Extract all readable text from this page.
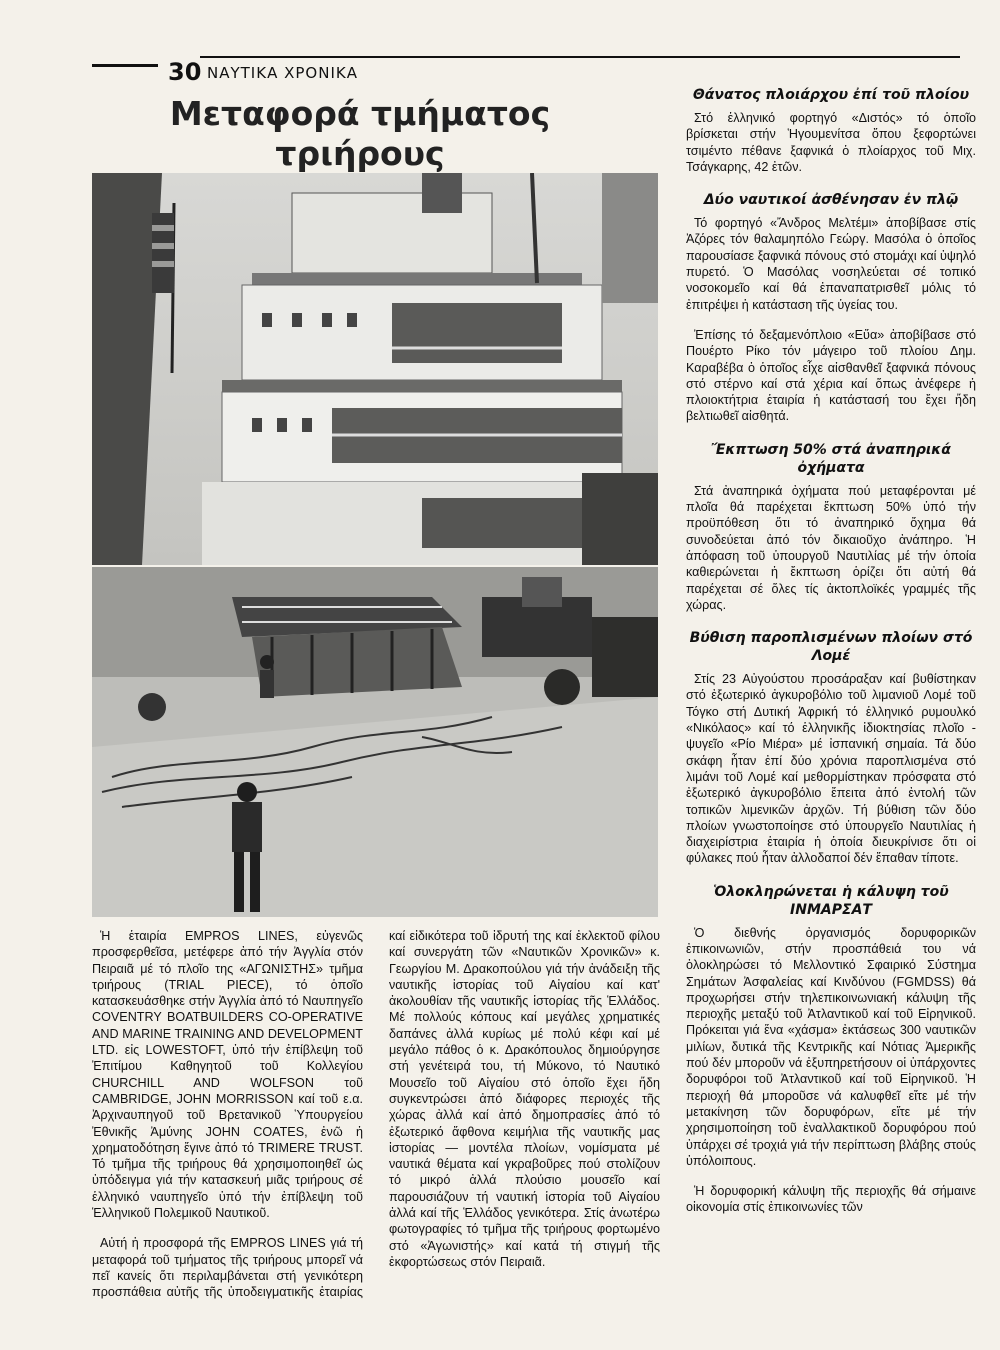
30 ΝΑΥΤΙΚΑ ΧΡΟΝΙΚΑ
Μεταφορά τμήματος τριήρους

Ἡ ἑταιρία EMPROS LINES, εὐγενῶς προσφερθεῖσα, μετέφερε ἀπό τήν Ἀγγλία στόν Πειραιᾶ μέ τό πλοῖο της «ΑΓΩΝΙΣΤΗΣ» τμῆμα τριήρους (TRIAL PIECE), τό ὁποῖο κατασκευάσθηκε στήν Ἀγγλία ἀπό τό Ναυπηγεῖο COVENTRY BOATBUILDERS CO-OPERATIVE AND MARINE TRAINING AND DEVELOPMENT LTD. εἰς LOWESTOFT, ὑπό τήν ἐπίβλεψη τοῦ Ἐπιτίμου Καθηγητοῦ τοῦ Κολλεγίου CHURCHILL AND WOLFSON τοῦ CAMBRIDGE, JOHN MORRISSON καί τοῦ ε.α. Ἀρχιναυπηγοῦ τοῦ Βρετανικοῦ Ὑπουργείου Ἐθνικῆς Ἀμύνης JOHN COATES, ἐνῶ ἡ χρηματοδότηση ἔγινε ἀπό τό TRIMERE TRUST. Τό τμῆμα τῆς τριήρους θά χρησιμοποιηθεῖ ὡς ὑπόδειγμα γιά τήν κατασκευή μιᾶς τριήρους σέ ἑλληνικό ναυπηγεῖο ὑπό τήν ἐπίβλεψη τοῦ Ἑλληνικοῦ Πολεμικοῦ Ναυτικοῦ.

Αὐτή ἡ προσφορά τῆς EMPROS LINES γιά τή μεταφορά τοῦ τμήματος τῆς τριήρους μπορεῖ νά πεῖ κανείς ὅτι περιλαμβάνεται στή γενικότερη προσπάθεια αὐτῆς τῆς ὑποδειγματικῆς ἑταιρίας καί εἰδικότερα τοῦ ἱδρυτή της καί ἐκλεκτοῦ φίλου καί συνεργάτη τῶν «Ναυτικῶν Χρονικῶν» κ. Γεωργίου Μ. Δρακοπούλου γιά τήν ἀνάδειξη τῆς ναυτικῆς ἱστορίας τοῦ Αἰγαίου καί κατ' ἀκολουθίαν τῆς ναυτικῆς ἱστορίας τῆς Ἑλλάδος. Μέ πολλούς κόπους καί μεγάλες χρηματικές δαπάνες ἀλλά κυρίως μέ πολύ κέφι καί μέ μεγάλο πάθος ὁ κ. Δρακόπουλος δημιούργησε στή γενέτειρά του, τή Μύκονο, τό Ναυτικό Μουσεῖο τοῦ Αἰγαίου στό ὁποῖο ἔχει ἤδη συγκεντρώσει ἀπό διάφορες περιοχές τῆς χώρας ἀλλά καί ἀπό δημοπρασίες ἀπό τό ἐξωτερικό ἄφθονα κειμήλια τῆς ναυτικῆς μας ἱστορίας — μοντέλα πλοίων, νομίσματα μέ ναυτικά θέματα καί γκραβοῦρες πού στολίζουν τό μικρό ἀλλά πλούσιο μουσεῖο καί παρουσιάζουν τή ναυτική ἱστορία τοῦ Αἰγαίου ἀλλά καί τῆς Ἑλλάδος γενικότερα. Στίς ἀνωτέρω φωτογραφίες τό τμῆμα τῆς τριήρους φορτωμένο στό «Ἀγωνιστής» καί κατά τή στιγμή τῆς ἐκφορτώσεως στόν Πειραιᾶ.

Θάνατος πλοιάρχου ἐπί τοῦ πλοίου

Στό ἑλληνικό φορτηγό «Διστός» τό ὁποῖο βρίσκεται στήν Ἡγουμενίτσα ὅπου ξεφορτώνει τσιμέντο πέθανε ξαφνικά ὁ πλοίαρχος τοῦ Μιχ. Τσάγκαρης, 42 ἐτῶν.

Δύο ναυτικοί ἀσθένησαν ἐν πλῷ

Τό φορτηγό «Ἄνδρος Μελτέμι» ἀποβίβασε στίς Ἀζόρες τόν θαλαμηπόλο Γεώργ. Μασόλα ὁ ὁποῖος παρουσίασε ξαφνικά πόνους στό στομάχι καί ὑψηλό πυρετό. Ὁ Μασόλας νοσηλεύεται σέ τοπικό νοσοκομεῖο καί θά ἐπαναπατρισθεῖ μόλις τό ἐπιτρέψει ἡ κατάσταση τῆς ὑγείας του.

Ἐπίσης τό δεξαμενόπλοιο «Εὔα» ἀποβίβασε στό Πουέρτο Ρίκο τόν μάγειρο τοῦ πλοίου Δημ. Καραβέβα ὁ ὁποῖος εἶχε αἰσθανθεῖ ξαφνικά πόνους στό στέρνο καί στά χέρια καί ὅπως ἀνέφερε ἡ πλοιοκτήτρια ἑταιρία ἡ κατάστασή του ἔχει ἤδη βελτιωθεῖ αἰσθητά.

Ἔκπτωση 50% στά ἀναπηρικά ὀχήματα

Στά ἀναπηρικά ὀχήματα πού μεταφέρονται μέ πλοῖα θά παρέχεται ἔκπτωση 50% ὑπό τήν προϋπόθεση ὅτι τό ἀναπηρικό ὄχημα θά συνοδεύεται ἀπό τόν δικαιοῦχο ἀνάπηρο. Ἡ ἀπόφαση τοῦ ὑπουργοῦ Ναυτιλίας μέ τήν ὁποία καθιερώνεται ἡ ἔκπτωση ὁρίζει ὅτι αὐτή θά παρέχεται σέ ὅλες τίς ἀκτοπλοϊκές γραμμές τῆς χώρας.

Βύθιση παροπλισμένων πλοίων στό Λομέ

Στίς 23 Αὐγούστου προσάραξαν καί βυθίστηκαν στό ἐξωτερικό ἀγκυροβόλιο τοῦ λιμανιοῦ Λομέ τοῦ Τόγκο στή Δυτική Ἀφρική τό ἑλληνικό ρυμουλκό «Νικόλαος» καί τό ἑλληνικῆς ἰδιοκτησίας πλοῖο - ψυγεῖο «Ρίο Μιέρα» μέ ἰσπανική σημαία. Τά δύο σκάφη ἦταν ἐπί δύο χρόνια παροπλισμένα στό λιμάνι τοῦ Λομέ καί μεθορμίστηκαν πρόσφατα στό ἐξωτερικό ἀγκυροβόλιο ἔπειτα ἀπό ἐντολή τῶν τοπικῶν λιμενικῶν ἀρχῶν. Τή βύθιση τῶν δύο πλοίων γνωστοποίησε στό ὑπουργεῖο Ναυτιλίας ἡ διαχειρίστρια ἑταιρία ἡ ὁποία διευκρίνισε ὅτι οἱ φύλακες πού ἦταν ἀλλοδαποί δέν ἔπαθαν τίποτε.

Ὁλοκληρώνεται ἡ κάλυψη τοῦ ΙΝΜΑΡΣΑΤ

Ὁ διεθνής ὀργανισμός δορυφορικῶν ἐπικοινωνιῶν, στήν προσπάθειά του νά ὁλοκληρώσει τό Μελλοντικό Σφαιρικό Σύστημα Σημάτων Ἀσφαλείας καί Κινδύνου (FGMDSS) θά προχωρήσει στήν τηλεπικοινωνιακή κάλυψη τῆς περιοχῆς μεταξύ τοῦ Ἀτλαντικοῦ καί τοῦ Εἰρηνικοῦ. Πρόκειται γιά ἕνα «χάσμα» ἐκτάσεως 300 ναυτικῶν μιλίων, δυτικά τῆς Κεντρικῆς καί Νότιας Ἀμερικῆς πού δέν μποροῦν νά ἐξυπηρετήσουν οἱ ὑπάρχοντες δορυφόροι τοῦ Ἀτλαντικοῦ καί τοῦ Εἰρηνικοῦ. Ἡ περιοχή θά μποροῦσε νά καλυφθεῖ εἴτε μέ τήν μετακίνηση τῶν δορυφόρων, εἴτε μέ τήν χρησιμοποίηση τοῦ ἐναλλακτικοῦ δορυφόρου πού ὑπάρχει σέ τροχιά γιά τήν περίπτωση βλάβης στούς ὑπόλοιπους.

Ἡ δορυφορική κάλυψη τῆς περιοχῆς θά σήμαινε οἰκονομία στίς ἐπικοινωνίες τῶν
